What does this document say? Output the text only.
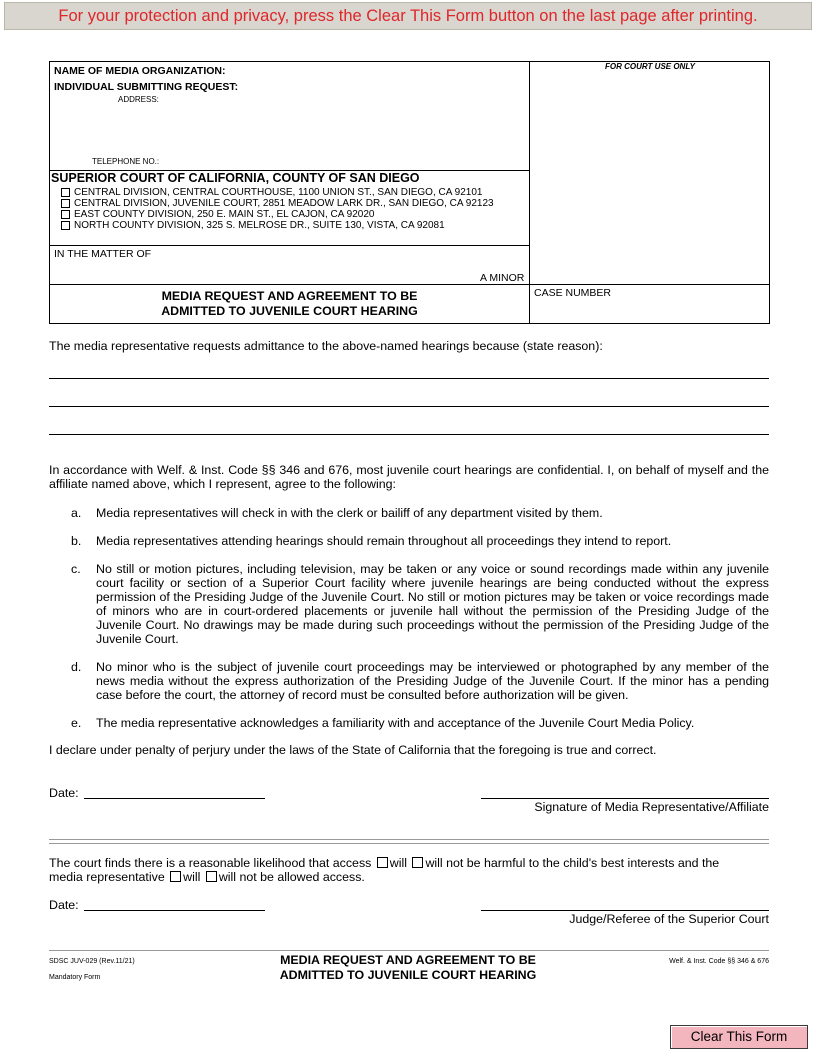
For your protection and privacy, press the Clear This Form button on the last page after printing.
NAME OF MEDIA ORGANIZATION:
INDIVIDUAL SUBMITTING REQUEST:
ADDRESS:
TELEPHONE NO.:
FOR COURT USE ONLY
SUPERIOR COURT OF CALIFORNIA, COUNTY OF SAN DIEGO
CENTRAL DIVISION, CENTRAL COURTHOUSE, 1100 UNION ST., SAN DIEGO, CA 92101
CENTRAL DIVISION, JUVENILE COURT, 2851 MEADOW LARK DR., SAN DIEGO, CA 92123
EAST COUNTY DIVISION, 250 E. MAIN ST., EL CAJON, CA 92020
NORTH COUNTY DIVISION, 325 S. MELROSE DR., SUITE 130, VISTA, CA 92081
IN THE MATTER OF
A MINOR
MEDIA REQUEST AND AGREEMENT TO BE
ADMITTED TO JUVENILE COURT HEARING
CASE NUMBER
The media representative requests admittance to the above-named hearings because (state reason):
In accordance with Welf. & Inst. Code §§ 346 and 676, most juvenile court hearings are confidential. I, on behalf of myself and the affiliate named above, which I represent, agree to the following:
a.	Media representatives will check in with the clerk or bailiff of any department visited by them.
b.	Media representatives attending hearings should remain throughout all proceedings they intend to report.
c.	No still or motion pictures, including television, may be taken or any voice or sound recordings made within any juvenile court facility or section of a Superior Court facility where juvenile hearings are being conducted without the express permission of the Presiding Judge of the Juvenile Court. No still or motion pictures may be taken or voice recordings made of minors who are in court-ordered placements or juvenile hall without the permission of the Presiding Judge of the Juvenile Court. No drawings may be made during such proceedings without the permission of the Presiding Judge of the Juvenile Court.
d.	No minor who is the subject of juvenile court proceedings may be interviewed or photographed by any member of the news media without the express authorization of the Presiding Judge of the Juvenile Court. If the minor has a pending case before the court, the attorney of record must be consulted before authorization will be given.
e.	The media representative acknowledges a familiarity with and acceptance of the Juvenile Court Media Policy.
I declare under penalty of perjury under the laws of the State of California that the foregoing is true and correct.
Date:
Signature of Media Representative/Affiliate
The court finds there is a reasonable likelihood that access will will not be harmful to the child's best interests and the
media representative will will not be allowed access.
Date:
Judge/Referee of the Superior Court
SDSC JUV-029 (Rev.11/21)
Mandatory Form
MEDIA REQUEST AND AGREEMENT TO BE
ADMITTED TO JUVENILE COURT HEARING
Welf. & Inst. Code §§ 346 & 676
Clear This Form
